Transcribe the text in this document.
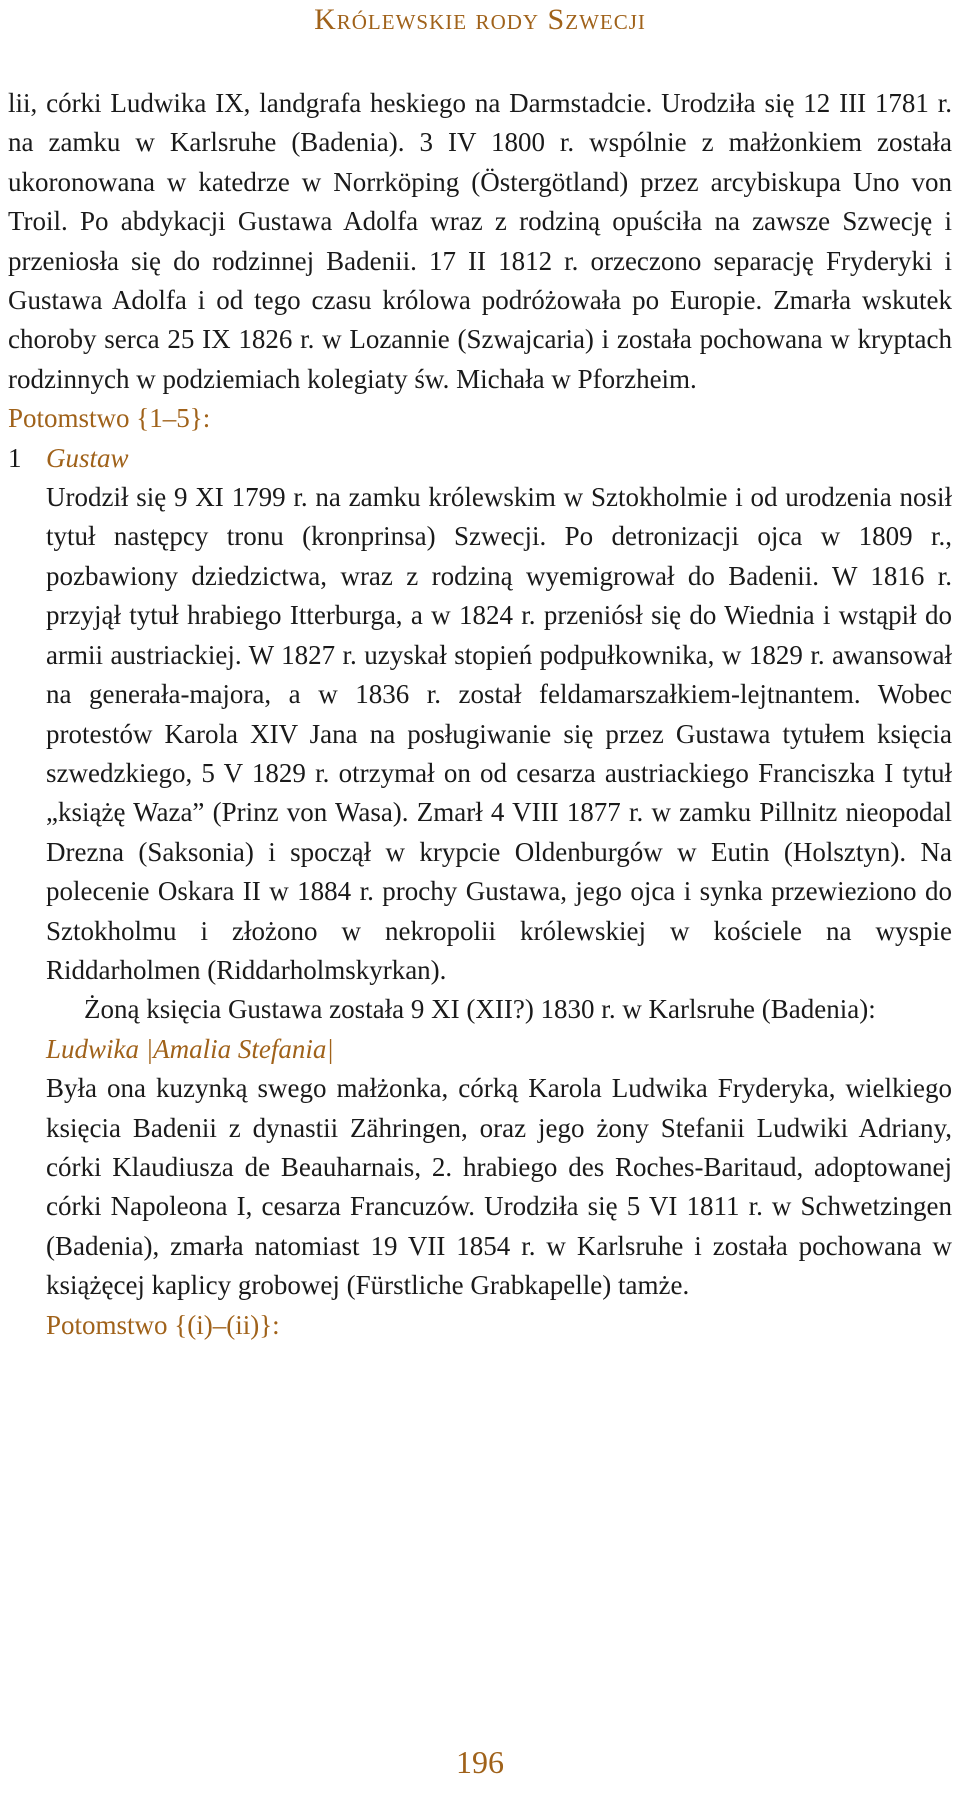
Królewskie rody Szwecji

lii, córki Ludwika IX, landgrafa heskiego na Darmstadcie. Urodziła się 12 III 1781 r. na zamku w Karlsruhe (Badenia). 3 IV 1800 r. wspólnie z małżonkiem została ukoronowana w katedrze w Norrköping (Östergötland) przez arcybiskupa Uno von Troil. Po abdykacji Gustawa Adolfa wraz z rodziną opuściła na zawsze Szwecję i przeniosła się do rodzinnej Badenii. 17 II 1812 r. orzeczono separację Fryderyki i Gustawa Adolfa i od tego czasu królowa podróżowała po Europie. Zmarła wskutek choroby serca 25 IX 1826 r. w Lozannie (Szwajcaria) i została pochowana w kryptach rodzinnych w podziemiach kolegiaty św. Michała w Pforzheim.

Potomstwo {1–5}:

1 Gustaw

Urodził się 9 XI 1799 r. na zamku królewskim w Sztokholmie i od urodzenia nosił tytuł następcy tronu (kronprinsa) Szwecji. Po detronizacji ojca w 1809 r., pozbawiony dziedzictwa, wraz z rodziną wyemigrował do Badenii. W 1816 r. przyjął tytuł hrabiego Itterburga, a w 1824 r. przeniósł się do Wiednia i wstąpił do armii austriackiej. W 1827 r. uzyskał stopień podpułkownika, w 1829 r. awansował na generała-majora, a w 1836 r. został feldamarszałkiem-lejtnantem. Wobec protestów Karola XIV Jana na posługiwanie się przez Gustawa tytułem księcia szwedzkiego, 5 V 1829 r. otrzymał on od cesarza austriackiego Franciszka I tytuł „książę Waza” (Prinz von Wasa). Zmarł 4 VIII 1877 r. w zamku Pillnitz nieopodal Drezna (Saksonia) i spoczął w krypcie Oldenburgów w Eutin (Holsztyn). Na polecenie Oskara II w 1884 r. prochy Gustawa, jego ojca i synka przewieziono do Sztokholmu i złożono w nekropolii królewskiej w kościele na wyspie Riddarholmen (Riddarholmskyrkan).

Żoną księcia Gustawa została 9 XI (XII?) 1830 r. w Karlsruhe (Badenia):

Ludwika |Amalia Stefania|

Była ona kuzynką swego małżonka, córką Karola Ludwika Fryderyka, wielkiego księcia Badenii z dynastii Zähringen, oraz jego żony Stefanii Ludwiki Adriany, córki Klaudiusza de Beauharnais, 2. hrabiego des Roches-Baritaud, adoptowanej córki Napoleona I, cesarza Francuzów. Urodziła się 5 VI 1811 r. w Schwetzingen (Badenia), zmarła natomiast 19 VII 1854 r. w Karlsruhe i została pochowana w książęcej kaplicy grobowej (Fürstliche Grabkapelle) tamże.

Potomstwo {(i)–(ii)}:

196
